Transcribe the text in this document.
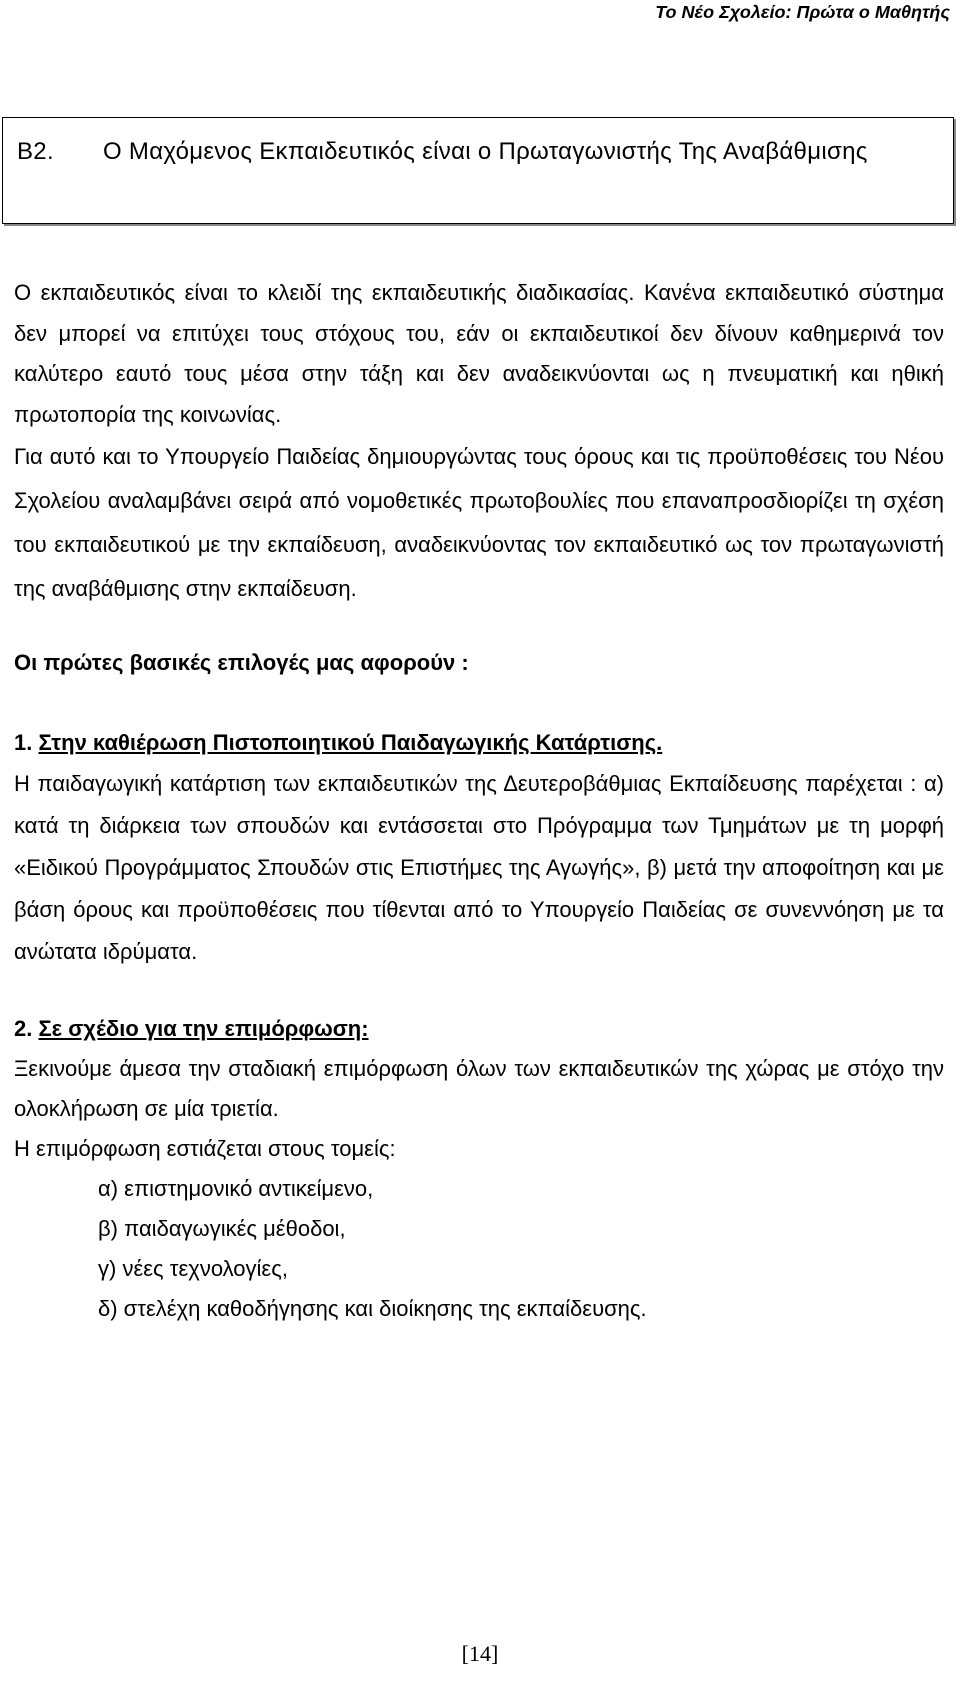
Το Νέο Σχολείο: Πρώτα ο Μαθητής
Β2. Ο Μαχόμενος Εκπαιδευτικός είναι ο Πρωταγωνιστής Της Αναβάθμισης

Ο εκπαιδευτικός είναι το κλειδί της εκπαιδευτικής διαδικασίας. Κανένα εκπαιδευτικό σύστημα δεν μπορεί να επιτύχει τους στόχους του, εάν οι εκπαιδευτικοί δεν δίνουν καθημερινά τον καλύτερο εαυτό τους μέσα στην τάξη και δεν αναδεικνύονται ως η πνευματική και ηθική πρωτοπορία της κοινωνίας.

Για αυτό και το Υπουργείο Παιδείας δημιουργώντας τους όρους και τις προϋποθέσεις του Νέου Σχολείου αναλαμβάνει σειρά από νομοθετικές πρωτοβουλίες που επαναπροσδιορίζει τη σχέση του εκπαιδευτικού με την εκπαίδευση, αναδεικνύοντας τον εκπαιδευτικό ως τον πρωταγωνιστή της αναβάθμισης στην εκπαίδευση.

Οι πρώτες βασικές επιλογές μας αφορούν :

1. Στην καθιέρωση Πιστοποιητικού Παιδαγωγικής Κατάρτισης.

Η παιδαγωγική κατάρτιση των εκπαιδευτικών της Δευτεροβάθμιας Εκπαίδευσης παρέχεται : α) κατά τη διάρκεια των σπουδών και εντάσσεται στο Πρόγραμμα των Τμημάτων με τη μορφή «Ειδικού Προγράμματος Σπουδών στις Επιστήμες της Αγωγής», β) μετά την αποφοίτηση και με βάση όρους και προϋποθέσεις που τίθενται από το Υπουργείο Παιδείας σε συνεννόηση με τα ανώτατα ιδρύματα.

2. Σε σχέδιο για την επιμόρφωση:

Ξεκινούμε άμεσα την σταδιακή επιμόρφωση όλων των εκπαιδευτικών της χώρας με στόχο την ολοκλήρωση σε μία τριετία.

Η επιμόρφωση εστιάζεται στους τομείς:

α) επιστημονικό αντικείμενο,
β) παιδαγωγικές μέθοδοι,
γ) νέες τεχνολογίες,
δ) στελέχη καθοδήγησης και διοίκησης της εκπαίδευσης.
[14]
